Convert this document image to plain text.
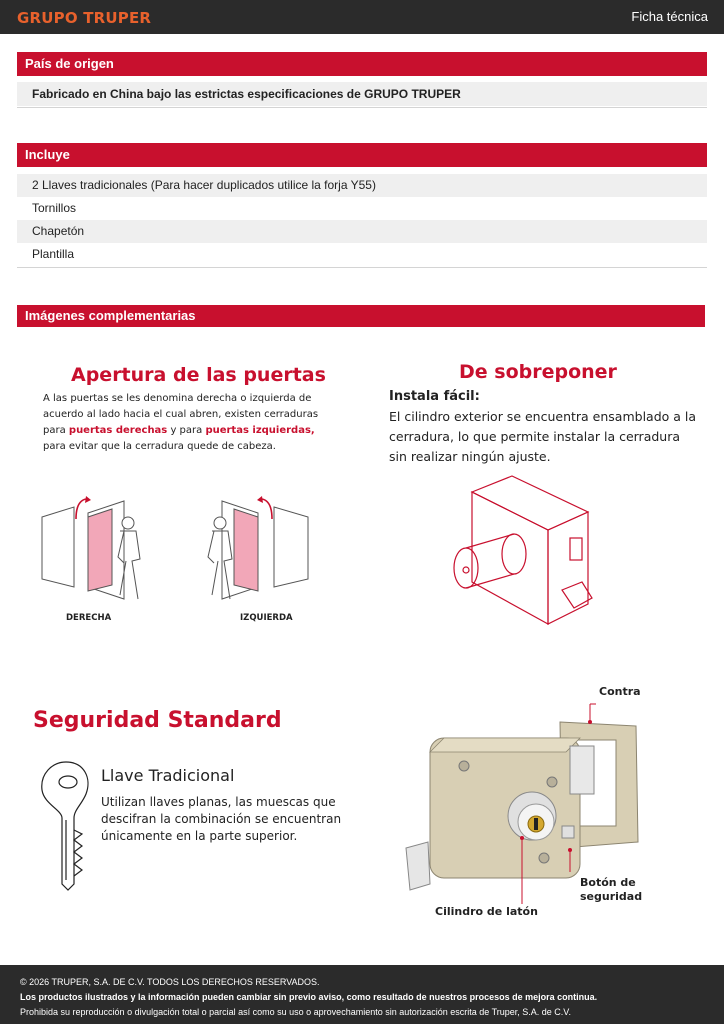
GRUPO TRUPER	Ficha técnica
País de origen
Fabricado en China bajo las estrictas especificaciones de GRUPO TRUPER
Incluye
2 Llaves tradicionales (Para hacer duplicados utilice la forja Y55)
Tornillos
Chapetón
Plantilla
Imágenes complementarias
Apertura de las puertas
A las puertas se les denomina derecha o izquierda de
acuerdo al lado hacia el cual abren, existen cerraduras
para puertas derechas y para puertas izquierdas,
para evitar que la cerradura quede de cabeza.
DERECHA	IZQUIERDA
De sobreponer
Instala fácil:
El cilindro exterior se encuentra ensamblado a la
cerradura, lo que permite instalar la cerradura
sin realizar ningún ajuste.
Seguridad Standard
Llave Tradicional
Utilizan llaves planas, las muescas que
descifran la combinación se encuentran
únicamente en la parte superior.
Contra
Botón de
seguridad
Cilindro de latón
© 2026 TRUPER, S.A. DE C.V. TODOS LOS DERECHOS RESERVADOS.
Los productos ilustrados y la información pueden cambiar sin previo aviso, como resultado de nuestros procesos de mejora continua.
Prohibida su reproducción o divulgación total o parcial así como su uso o aprovechamiento sin autorización escrita de Truper, S.A. de C.V.
